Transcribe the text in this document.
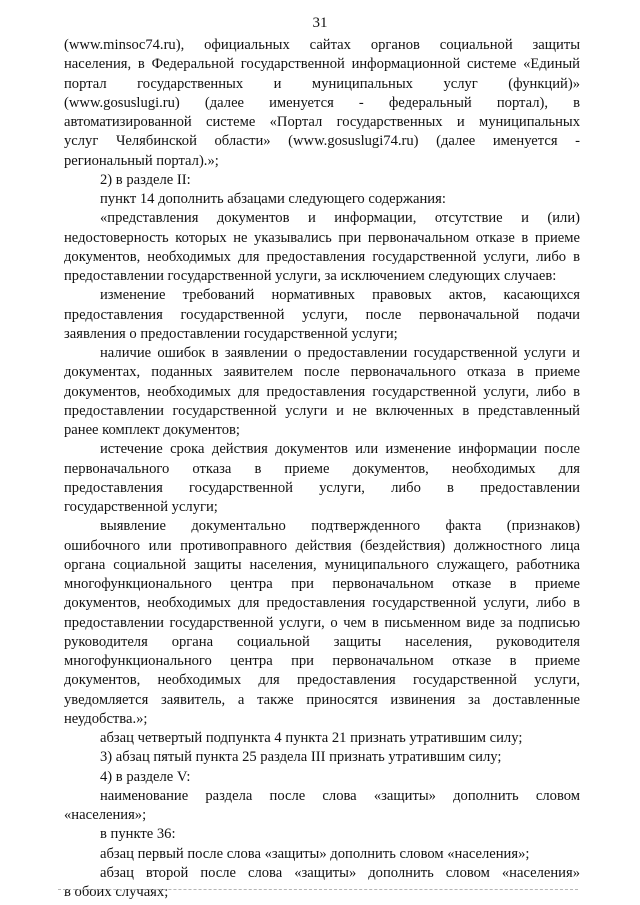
31
(www.minsoc74.ru), официальных сайтах органов социальной защиты
населения, в Федеральной государственной информационной системе «Единый
портал государственных и муниципальных услуг (функций)»
(www.gosuslugi.ru) (далее именуется - федеральный портал), в
автоматизированной системе «Портал государственных и муниципальных
услуг Челябинской области» (www.gosuslugi74.ru) (далее именуется -
региональный портал).»;
2) в разделе II:
пункт 14 дополнить абзацами следующего содержания:
«представления документов и информации, отсутствие и (или)
недостоверность которых не указывались при первоначальном отказе в приеме
документов, необходимых для предоставления государственной услуги, либо в
предоставлении государственной услуги, за исключением следующих случаев:
изменение требований нормативных правовых актов, касающихся
предоставления государственной услуги, после первоначальной подачи
заявления о предоставлении государственной услуги;
наличие ошибок в заявлении о предоставлении государственной услуги и
документах, поданных заявителем после первоначального отказа в приеме
документов, необходимых для предоставления государственной услуги, либо в
предоставлении государственной услуги и не включенных в представленный
ранее комплект документов;
истечение срока действия документов или изменение информации после
первоначального отказа в приеме документов, необходимых для
предоставления государственной услуги, либо в предоставлении
государственной услуги;
выявление документально подтвержденного факта (признаков)
ошибочного или противоправного действия (бездействия) должностного лица
органа социальной защиты населения, муниципального служащего, работника
многофункционального центра при первоначальном отказе в приеме
документов, необходимых для предоставления государственной услуги, либо в
предоставлении государственной услуги, о чем в письменном виде за подписью
руководителя органа социальной защиты населения, руководителя
многофункционального центра при первоначальном отказе в приеме
документов, необходимых для предоставления государственной услуги,
уведомляется заявитель, а также приносятся извинения за доставленные
неудобства.»;
абзац четвертый подпункта 4 пункта 21 признать утратившим силу;
3) абзац пятый пункта 25 раздела III признать утратившим силу;
4) в разделе V:
наименование раздела после слова «защиты» дополнить словом
«населения»;
в пункте 36:
абзац первый после слова «защиты» дополнить словом «населения»;
абзац второй после слова «защиты» дополнить словом «населения»
в обоих случаях;
